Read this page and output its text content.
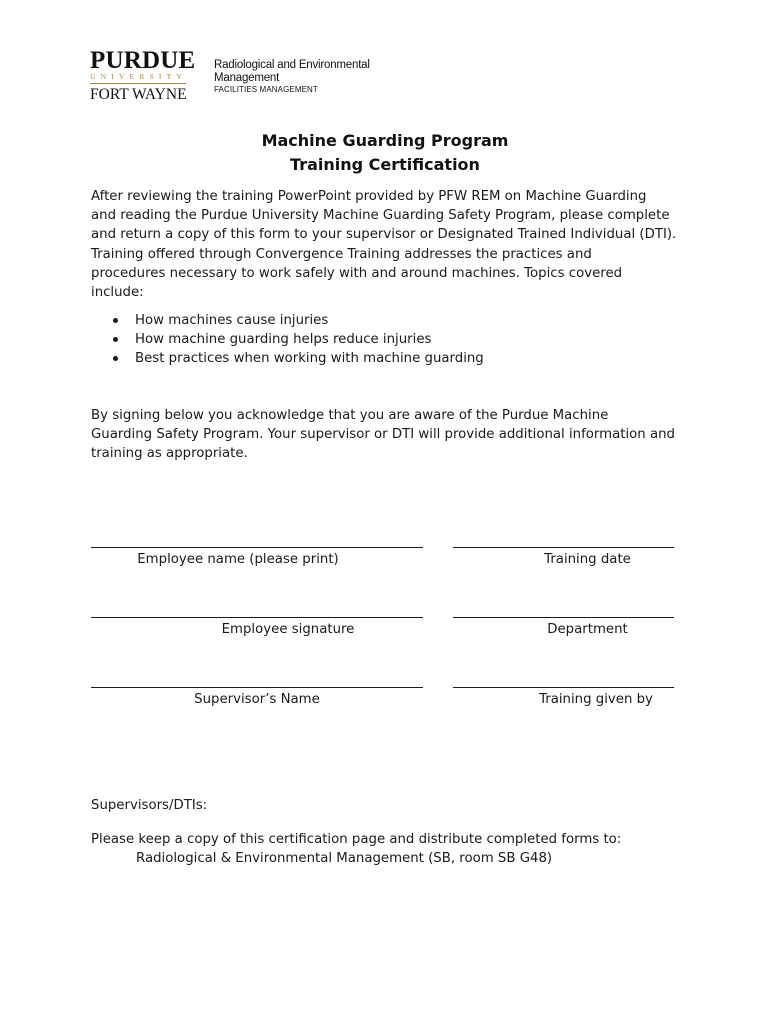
PURDUE
UNIVERSITY
FORT WAYNE
Radiological and Environmental
Management
FACILITIES MANAGEMENT
Machine Guarding Program
Training Certification
After reviewing the training PowerPoint provided by PFW REM on Machine Guarding
and reading the Purdue University Machine Guarding Safety Program, please complete
and return a copy of this form to your supervisor or Designated Trained Individual (DTI).
Training offered through Convergence Training addresses the practices and
procedures necessary to work safely with and around machines. Topics covered
include:
How machines cause injuries
How machine guarding helps reduce injuries
Best practices when working with machine guarding
By signing below you acknowledge that you are aware of the Purdue Machine
Guarding Safety Program. Your supervisor or DTI will provide additional information and
training as appropriate.
Employee name (please print)	Training date
Employee signature	Department
Supervisor’s Name	Training given by
Supervisors/DTIs:
Please keep a copy of this certification page and distribute completed forms to:
Radiological & Environmental Management (SB, room SB G48)
